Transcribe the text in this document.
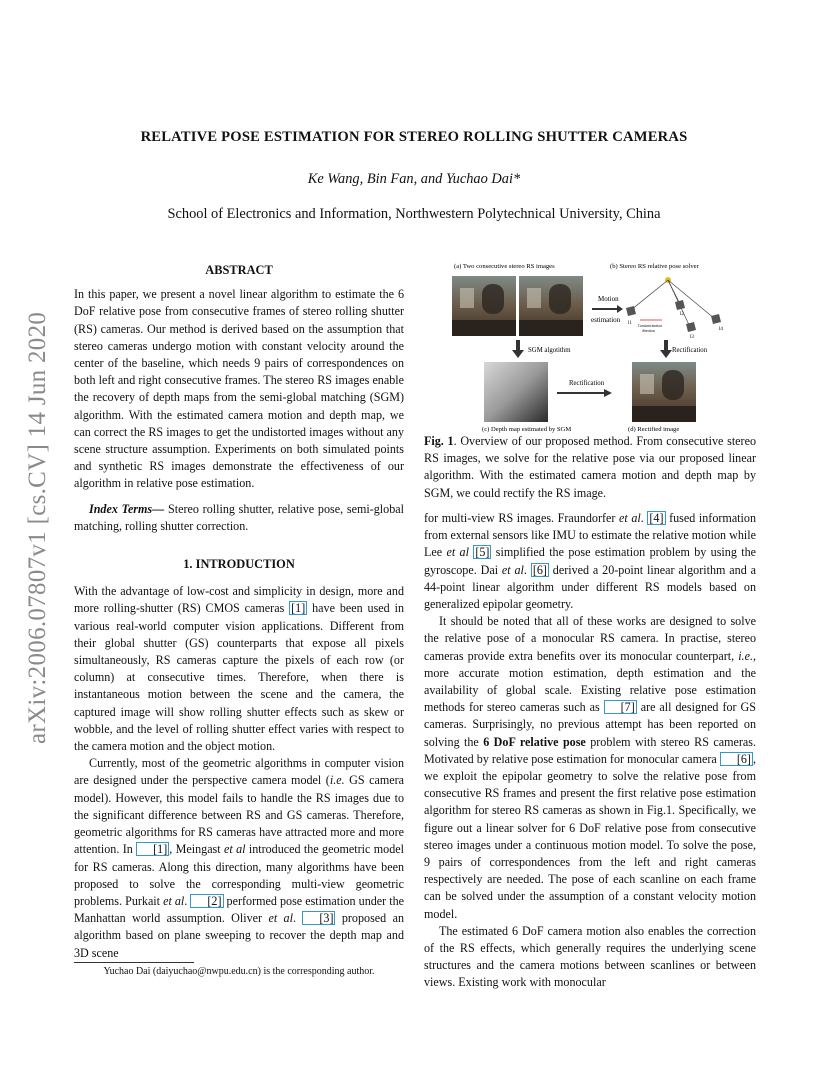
arXiv:2006.07807v1 [cs.CV] 14 Jun 2020
RELATIVE POSE ESTIMATION FOR STEREO ROLLING SHUTTER CAMERAS
Ke Wang, Bin Fan, and Yuchao Dai*
School of Electronics and Information, Northwestern Polytechnical University, China

ABSTRACT

In this paper, we present a novel linear algorithm to estimate the 6 DoF relative pose from consecutive frames of stereo rolling shutter (RS) cameras. Our method is derived based on the assumption that stereo cameras undergo motion with constant velocity around the center of the baseline, which needs 9 pairs of correspondences on both left and right consecutive frames. The stereo RS images enable the recovery of depth maps from the semi-global matching (SGM) algorithm. With the estimated camera motion and depth map, we can correct the RS images to get the undistorted images without any scene structure assumption. Experiments on both simulated points and synthetic RS images demonstrate the effectiveness of our algorithm in relative pose estimation.

Index Terms— Stereo rolling shutter, relative pose, semi-global matching, rolling shutter correction.

1. INTRODUCTION

With the advantage of low-cost and simplicity in design, more and more rolling-shutter (RS) CMOS cameras [1] have been used in various real-world computer vision applications. Different from their global shutter (GS) counterparts that expose all pixels simultaneously, RS cameras capture the pixels of each row (or column) at consecutive times. Therefore, when there is instantaneous motion between the scene and the camera, the captured image will show rolling shutter effects such as skew or wobble, and the level of rolling shutter effect varies with respect to the camera motion and the object motion.

Currently, most of the geometric algorithms in computer vision are designed under the perspective camera model (i.e. GS camera model). However, this model fails to handle the RS images due to the significant difference between RS and GS cameras. Therefore, geometric algorithms for RS cameras have attracted more and more attention. In [1] , Meingast et al introduced the geometric model for RS cameras. Along this direction, many algorithms have been proposed to solve the corresponding multi-view geometric problems. Purkait et al. [2] performed pose estimation under the Manhattan world assumption. Oliver et al. [3] proposed an algorithm based on plane sweeping to recover the depth map and 3D scene

Yuchao Dai (daiyuchao@nwpu.edu.cn) is the corresponding author.
(a) Two consecutive stereo RS images	(b) Stereo RS relative pose solver
Motion
estimation l1
l2
l3
l4
Constant motion
direction
SGM algotithm	Rectification
Rectification
(c) Depth map estimated by SGM	(d) Rectified image
Fig. 1. Overview of our proposed method. From consecutive stereo RS images, we solve for the relative pose via our proposed linear algorithm. With the estimated camera motion and depth map by SGM, we could rectify the RS image.

for multi-view RS images. Fraundorfer et al. [4] fused information from external sensors like IMU to estimate the relative motion while Lee et al [5] simplified the pose estimation problem by using the gyroscope. Dai et al. [6] derived a 20-point linear algorithm and a 44-point linear algorithm under different RS models based on generalized epipolar geometry.

It should be noted that all of these works are designed to solve the relative pose of a monocular RS camera. In practise, stereo cameras provide extra benefits over its monocular counterpart, i.e., more accurate motion estimation, depth estimation and the availability of global scale. Existing relative pose estimation methods for stereo cameras such as [7] are all designed for GS cameras. Surprisingly, no previous attempt has been reported on solving the 6 DoF relative pose problem with stereo RS cameras. Motivated by relative pose estimation for monocular camera [6] , we exploit the epipolar geometry to solve the relative pose from consecutive RS frames and present the first relative pose estimation algorithm for stereo RS cameras as shown in Fig.1. Specifically, we figure out a linear solver for 6 DoF relative pose from consecutive stereo images under a continuous motion model. To solve the pose, 9 pairs of correspondences from the left and right cameras respectively are needed. The pose of each scanline on each frame can be solved under the assumption of a constant velocity motion model.

The estimated 6 DoF camera motion also enables the correction of the RS effects, which generally requires the underlying scene structures and the camera motions between scanlines or between views. Existing work with monocular
